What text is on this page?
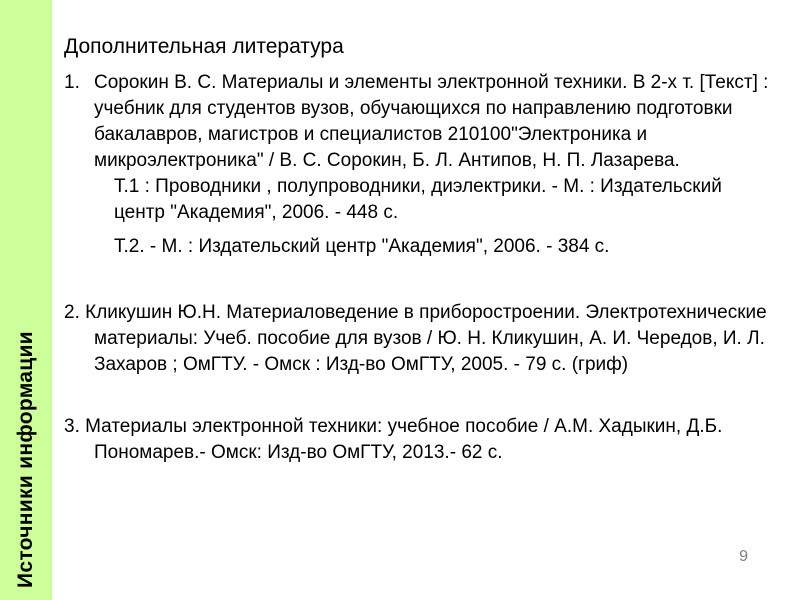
Источники информации
Дополнительная литература
1. Сорокин В. С. Материалы и элементы электронной техники. В 2-х т. [Текст] : учебник для студентов вузов, обучающихся по направлению подготовки бакалавров, магистров и специалистов 210100"Электроника и микроэлектроника" / В. С. Сорокин, Б. Л. Антипов, Н. П. Лазарева.
Т.1 : Проводники , полупроводники, диэлектрики. - М. : Издательский центр "Академия", 2006. - 448 с.
Т.2. - М. : Издательский центр "Академия", 2006. - 384 с.
2. Кликушин Ю.Н. Материаловедение в приборостроении. Электротехнические материалы: Учеб. пособие для вузов / Ю. Н. Кликушин, А. И. Чередов, И. Л. Захаров ; ОмГТУ. - Омск : Изд-во ОмГТУ, 2005. - 79 с. (гриф)
3. Материалы электронной техники: учебное пособие / А.М. Хадыкин, Д.Б. Пономарев.- Омск: Изд-во ОмГТУ, 2013.- 62 с.
9
